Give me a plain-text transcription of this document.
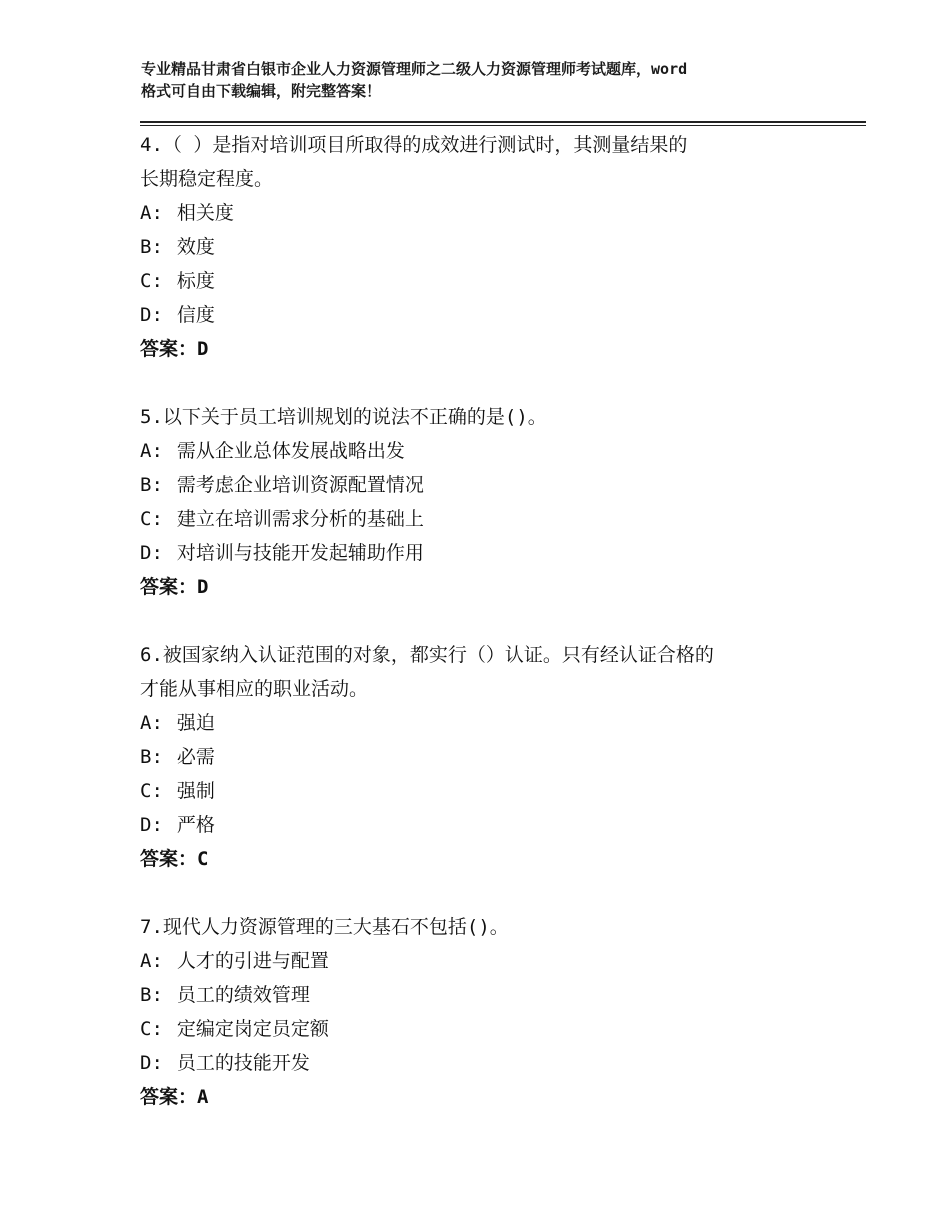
专业精品甘肃省白银市企业人力资源管理师之二级人力资源管理师考试题库，word
格式可自由下载编辑，附完整答案！
4.（ ）是指对培训项目所取得的成效进行测试时，其测量结果的
长期稳定程度。
A: 相关度
B: 效度
C: 标度
D: 信度
答案：D
5.以下关于员工培训规划的说法不正确的是()。
A: 需从企业总体发展战略出发
B: 需考虑企业培训资源配置情况
C: 建立在培训需求分析的基础上
D: 对培训与技能开发起辅助作用
答案：D
6.被国家纳入认证范围的对象，都实行（）认证。只有经认证合格的
才能从事相应的职业活动。
A: 强迫
B: 必需
C: 强制
D: 严格
答案：C
7.现代人力资源管理的三大基石不包括()。
A: 人才的引进与配置
B: 员工的绩效管理
C: 定编定岗定员定额
D: 员工的技能开发
答案：A
